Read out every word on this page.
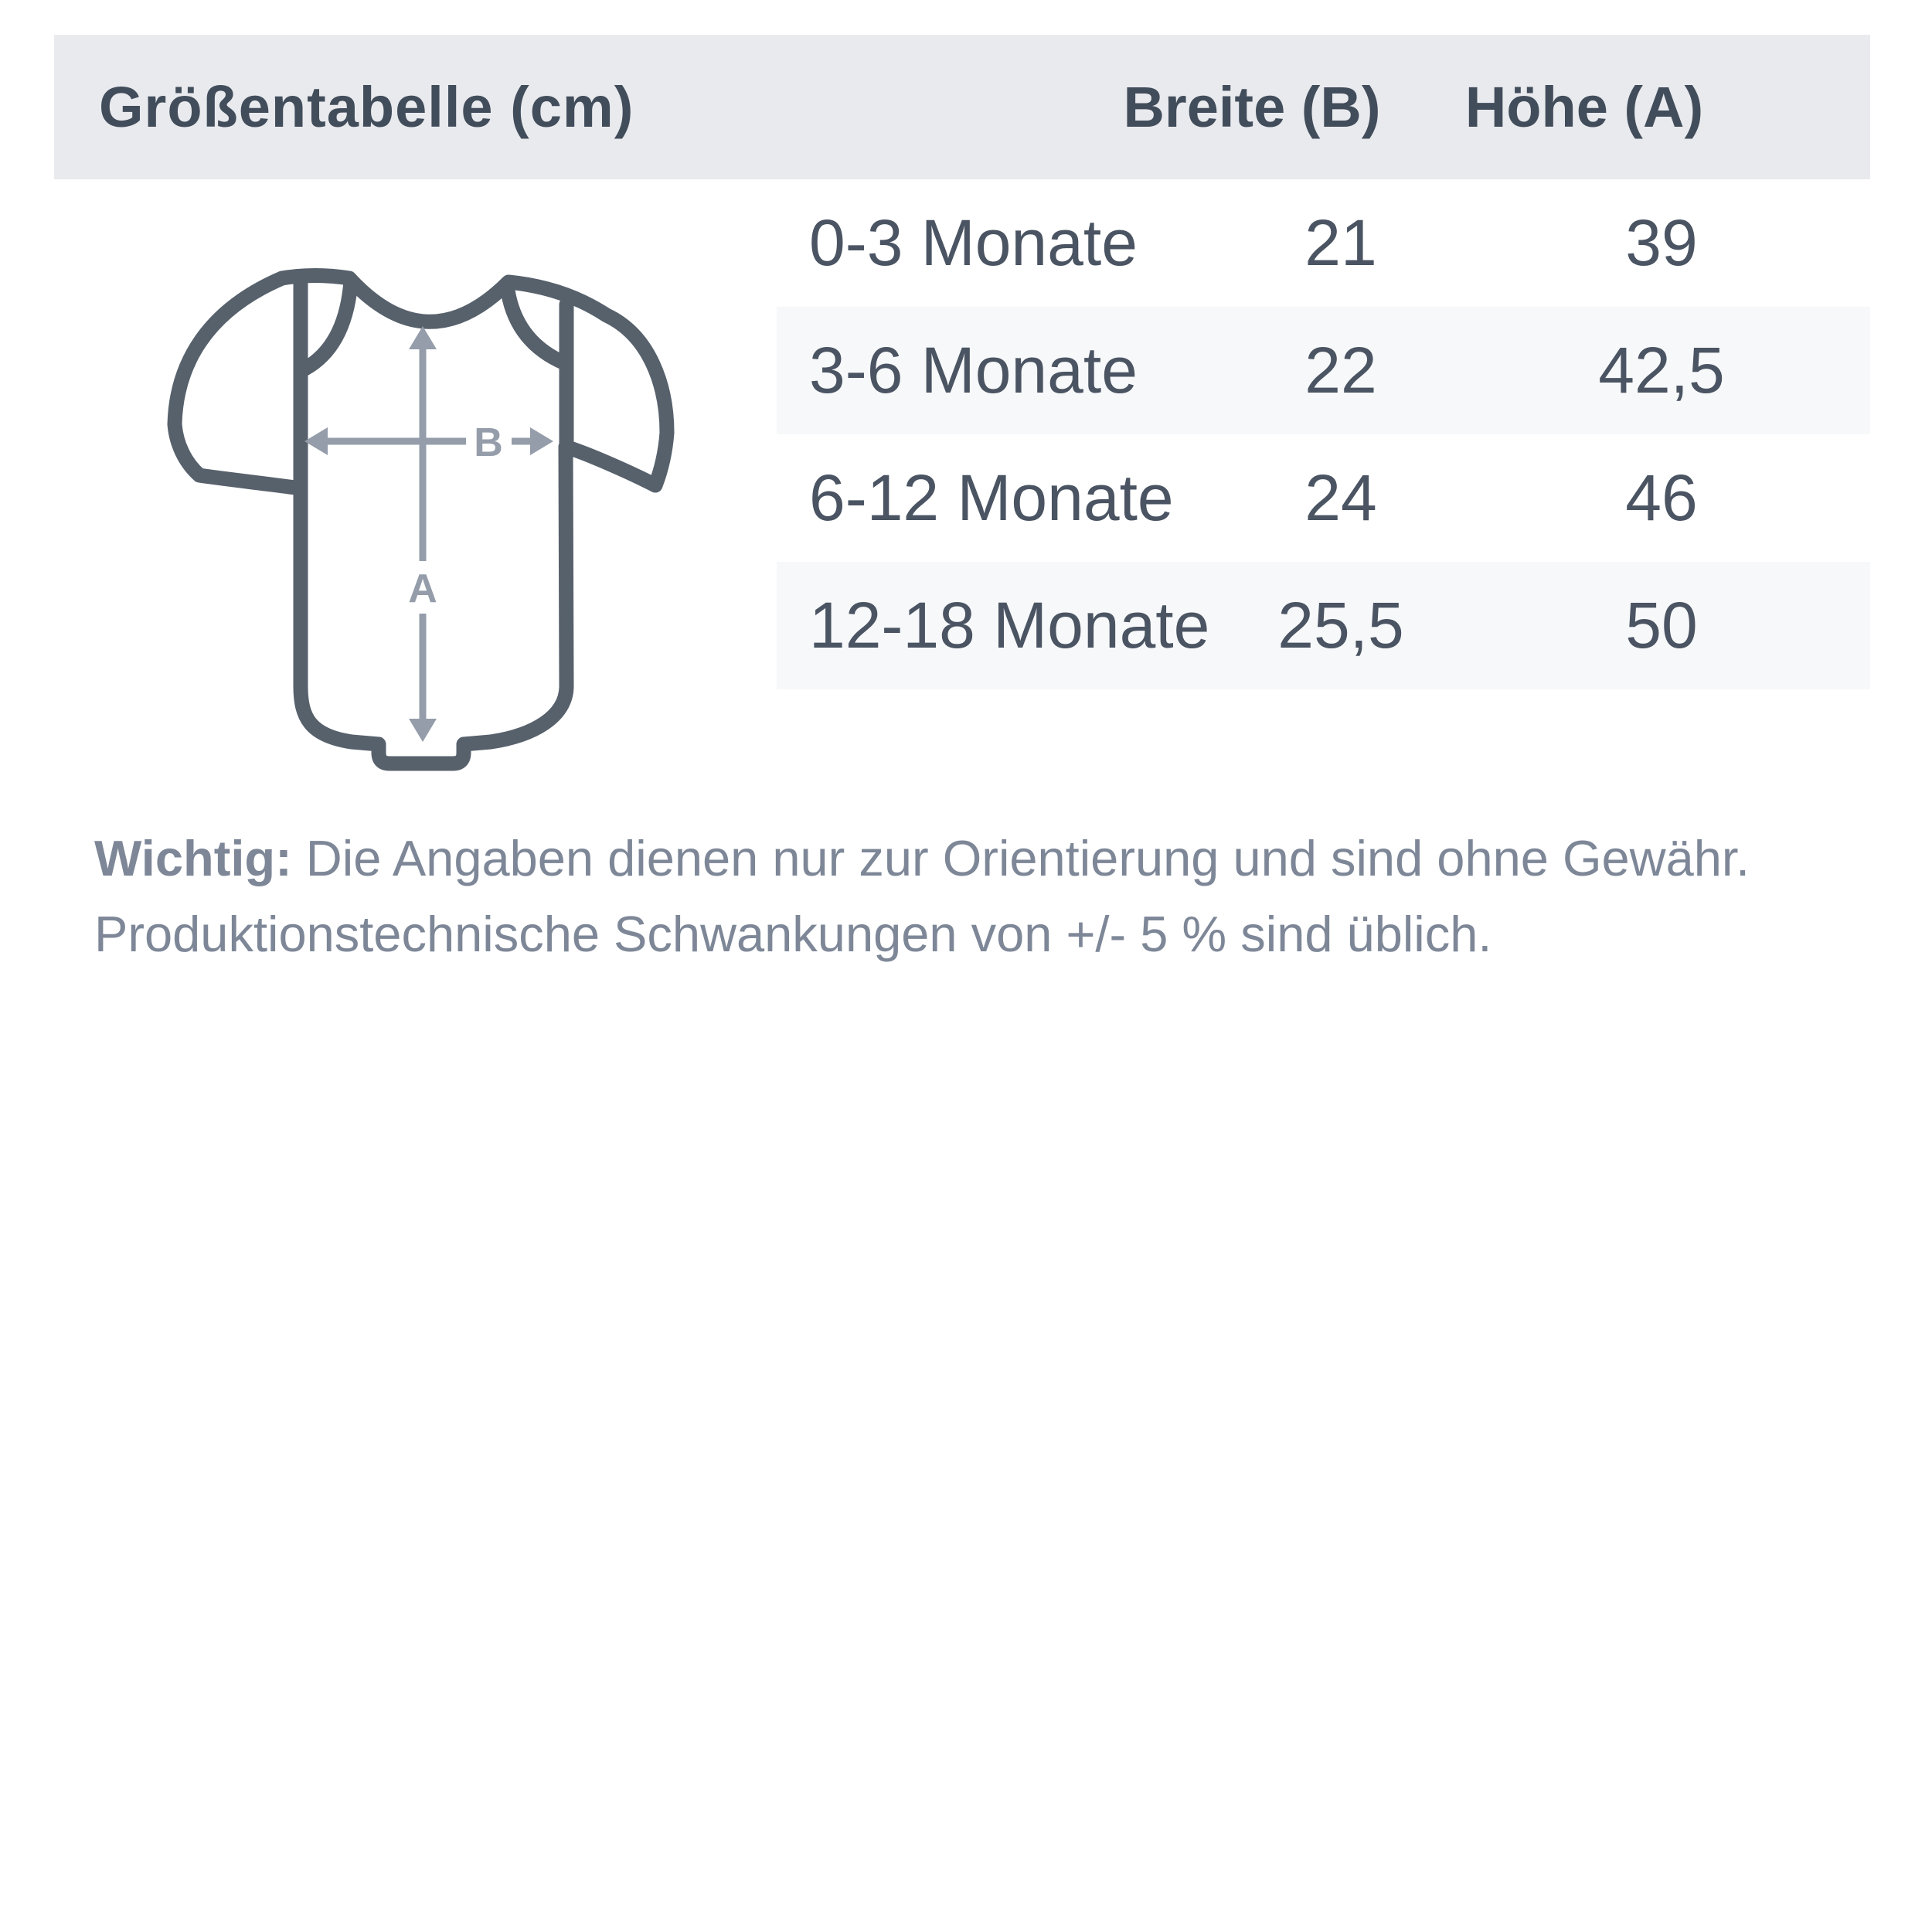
Größentabelle (cm)	Breite (B)	Höhe (A)
A
B
0-3 Monate	21	39
3-6 Monate	22	42,5
6-12 Monate	24	46
12-18 Monate	25,5	50
Wichtig: Die Angaben dienen nur zur Orientierung und sind ohne Gewähr.
Produktionstechnische Schwankungen von +/- 5 % sind üblich.
